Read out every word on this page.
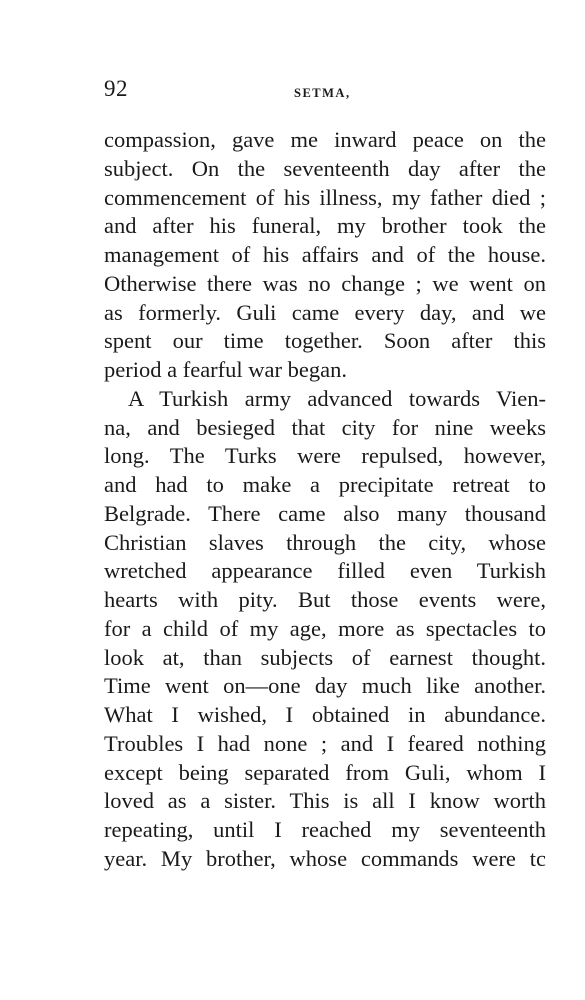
92	SETMA,
compassion, gave me inward peace on the
subject. On the seventeenth day after the
commencement of his illness, my father died ;
and after his funeral, my brother took the
management of his affairs and of the house.
Otherwise there was no change ; we went on
as formerly. Guli came every day, and we
spent our time together. Soon after this
period a fearful war began.
A Turkish army advanced towards Vien-
na, and besieged that city for nine weeks
long. The Turks were repulsed, however,
and had to make a precipitate retreat to
Belgrade. There came also many thousand
Christian slaves through the city, whose
wretched appearance filled even Turkish
hearts with pity. But those events were,
for a child of my age, more as spectacles to
look at, than subjects of earnest thought.
Time went on—one day much like another.
What I wished, I obtained in abundance.
Troubles I had none ; and I feared nothing
except being separated from Guli, whom I
loved as a sister. This is all I know worth
repeating, until I reached my seventeenth
year. My brother, whose commands were tc
